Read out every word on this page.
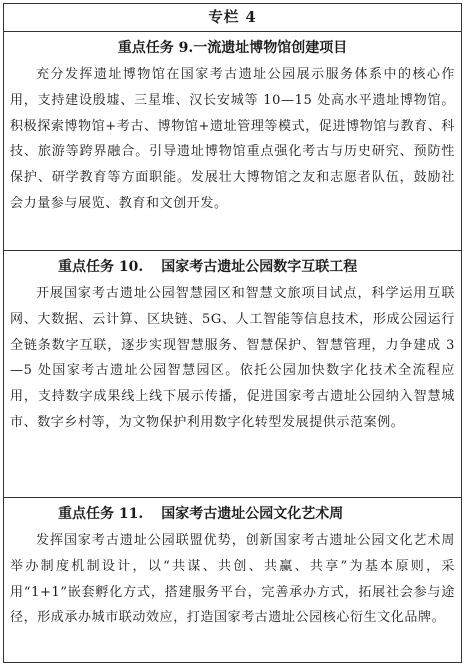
专栏 4
重点任务 9.一流遗址博物馆创建项目

充分发挥遗址博物馆在国家考古遗址公园展示服务体系中的核心作用，支持建设殷墟、三星堆、汉长安城等 10—15 处高水平遗址博物馆。积极探索博物馆+考古、博物馆+遗址管理等模式，促进博物馆与教育、科技、旅游等跨界融合。引导遗址博物馆重点强化考古与历史研究、预防性保护、研学教育等方面职能。发展壮大博物馆之友和志愿者队伍，鼓励社会力量参与展览、教育和文创开发。

重点任务 10. 国家考古遗址公园数字互联工程

开展国家考古遗址公园智慧园区和智慧文旅项目试点，科学运用互联网、大数据、云计算、区块链、5G、人工智能等信息技术，形成公园运行全链条数字互联，逐步实现智慧服务、智慧保护、智慧管理，力争建成 3—5 处国家考古遗址公园智慧园区。依托公园加快数字化技术全流程应用，支持数字成果线上线下展示传播，促进国家考古遗址公园纳入智慧城市、数字乡村等，为文物保护利用数字化转型发展提供示范案例。

重点任务 11. 国家考古遗址公园文化艺术周

发挥国家考古遗址公园联盟优势，创新国家考古遗址公园文化艺术周举办制度机制设计，以“共谋、共创、共赢、共享”为基本原则，采用“1+1”嵌套孵化方式，搭建服务平台，完善承办方式，拓展社会参与途径，形成承办城市联动效应，打造国家考古遗址公园核心衍生文化品牌。
